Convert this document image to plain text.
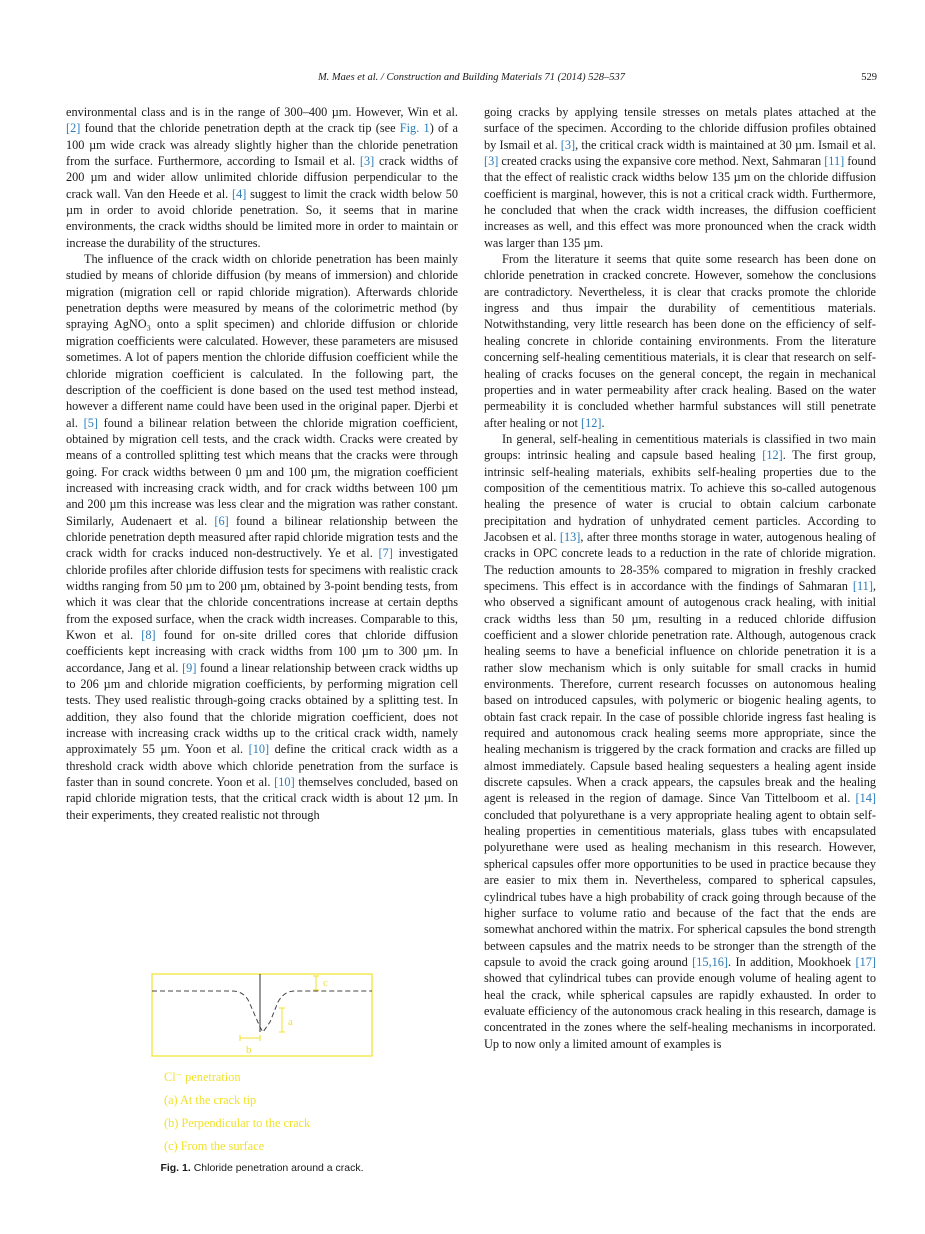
M. Maes et al. / Construction and Building Materials 71 (2014) 528–537	529

environmental class and is in the range of 300–400 µm. However, Win et al. [2] found that the chloride penetration depth at the crack tip (see Fig. 1) of a 100 µm wide crack was already slightly higher than the chloride penetration from the surface. Furthermore, according to Ismail et al. [3] crack widths of 200 µm and wider allow unlimited chloride diffusion perpendicular to the crack wall. Van den Heede et al. [4] suggest to limit the crack width below 50 µm in order to avoid chloride penetration. So, it seems that in marine environments, the crack widths should be limited more in order to maintain or increase the durability of the structures.

The influence of the crack width on chloride penetration has been mainly studied by means of chloride diffusion (by means of immersion) and chloride migration (migration cell or rapid chloride migration). Afterwards chloride penetration depths were measured by means of the colorimetric method (by spraying AgNO₃ onto a split specimen) and chloride diffusion or chloride migration coefficients were calculated. However, these parameters are misused sometimes. A lot of papers mention the chloride diffusion coefficient while the chloride migration coefficient is calculated. In the following part, the description of the coefficient is done based on the used test method instead, however a different name could have been used in the original paper. Djerbi et al. [5] found a bilinear relation between the chloride migration coefficient, obtained by migration cell tests, and the crack width. Cracks were created by means of a controlled splitting test which means that the cracks were through going. For crack widths between 0 µm and 100 µm, the migration coefficient increased with increasing crack width, and for crack widths between 100 µm and 200 µm this increase was less clear and the migration was rather constant. Similarly, Audenaert et al. [6] found a bilinear relationship between the chloride penetration depth measured after rapid chloride migration tests and the crack width for cracks induced non-destructively. Ye et al. [7] investigated chloride profiles after chloride diffusion tests for specimens with realistic crack widths ranging from 50 µm to 200 µm, obtained by 3-point bending tests, from which it was clear that the chloride concentrations increase at certain depths from the exposed surface, when the crack width increases. Comparable to this, Kwon et al. [8] found for on-site drilled cores that chloride diffusion coefficients kept increasing with crack widths from 100 µm to 300 µm. In accordance, Jang et al. [9] found a linear relationship between crack widths up to 206 µm and chloride migration coefficients, by performing migration cell tests. They used realistic through-going cracks obtained by a splitting test. In addition, they also found that the chloride migration coefficient, does not increase with increasing crack widths up to the critical crack width, namely approximately 55 µm. Yoon et al. [10] define the critical crack width as a threshold crack width above which chloride penetration from the surface is faster than in sound concrete. Yoon et al. [10] themselves concluded, based on rapid chloride migration tests, that the critical crack width is about 12 µm. In their experiments, they created realistic not through

going cracks by applying tensile stresses on metals plates attached at the surface of the specimen. According to the chloride diffusion profiles obtained by Ismail et al. [3], the critical crack width is maintained at 30 µm. Ismail et al. [3] created cracks using the expansive core method. Next, Sahmaran [11] found that the effect of realistic crack widths below 135 µm on the chloride diffusion coefficient is marginal, however, this is not a critical crack width. Furthermore, he concluded that when the crack width increases, the diffusion coefficient increases as well, and this effect was more pronounced when the crack width was larger than 135 µm.

From the literature it seems that quite some research has been done on chloride penetration in cracked concrete. However, somehow the conclusions are contradictory. Nevertheless, it is clear that cracks promote the chloride ingress and thus impair the durability of cementitious materials. Notwithstanding, very little research has been done on the efficiency of self-healing concrete in chloride containing environments. From the literature concerning self-healing cementitious materials, it is clear that research on self-healing of cracks focuses on the general concept, the regain in mechanical properties and in water permeability after crack healing. Based on the water permeability it is concluded whether harmful substances will still penetrate after healing or not [12].

In general, self-healing in cementitious materials is classified in two main groups: intrinsic healing and capsule based healing [12]. The first group, intrinsic self-healing materials, exhibits self-healing properties due to the composition of the cementitious matrix. To achieve this so-called autogenous healing the presence of water is crucial to obtain calcium carbonate precipitation and hydration of unhydrated cement particles. According to Jacobsen et al. [13], after three months storage in water, autogenous healing of cracks in OPC concrete leads to a reduction in the rate of chloride migration. The reduction amounts to 28-35% compared to migration in freshly cracked specimens. This effect is in accordance with the findings of Sahmaran [11], who observed a significant amount of autogenous crack healing, with initial crack widths less than 50 µm, resulting in a reduced chloride diffusion coefficient and a slower chloride penetration rate. Although, autogenous crack healing seems to have a beneficial influence on chloride penetration it is a rather slow mechanism which is only suitable for small cracks in humid environments. Therefore, current research focusses on autonomous healing based on introduced capsules, with polymeric or biogenic healing agents, to obtain fast crack repair. In the case of possible chloride ingress fast healing is required and autonomous crack healing seems more appropriate, since the healing mechanism is triggered by the crack formation and cracks are filled up almost immediately. Capsule based healing sequesters a healing agent inside discrete capsules. When a crack appears, the capsules break and the healing agent is released in the region of damage. Since Van Tittelboom et al. [14] concluded that polyurethane is a very appropriate healing agent to obtain self-healing properties in cementitious materials, glass tubes with encapsulated polyurethane were used as healing mechanism in this research. However, spherical capsules offer more opportunities to be used in practice because they are easier to mix them in. Nevertheless, compared to spherical capsules, cylindrical tubes have a high probability of crack going through because of the higher surface to volume ratio and because of the fact that the ends are somewhat anchored within the matrix. For spherical capsules the bond strength between capsules and the matrix needs to be stronger than the strength of the capsule to avoid the crack going around [15,16]. In addition, Mookhoek [17] showed that cylindrical tubes can provide enough volume of healing agent to heal the crack, while spherical capsules are rapidly exhausted. In order to evaluate efficiency of the autonomous crack healing in this research, damage is concentrated in the zones where the self-healing mechanisms in incorporated. Up to now only a limited amount of examples is

c
a
b
Cl⁻ penetration
(a) At the crack tip
(b) Perpendicular to the crack
(c) From the surface
Fig. 1. Chloride penetration around a crack.
